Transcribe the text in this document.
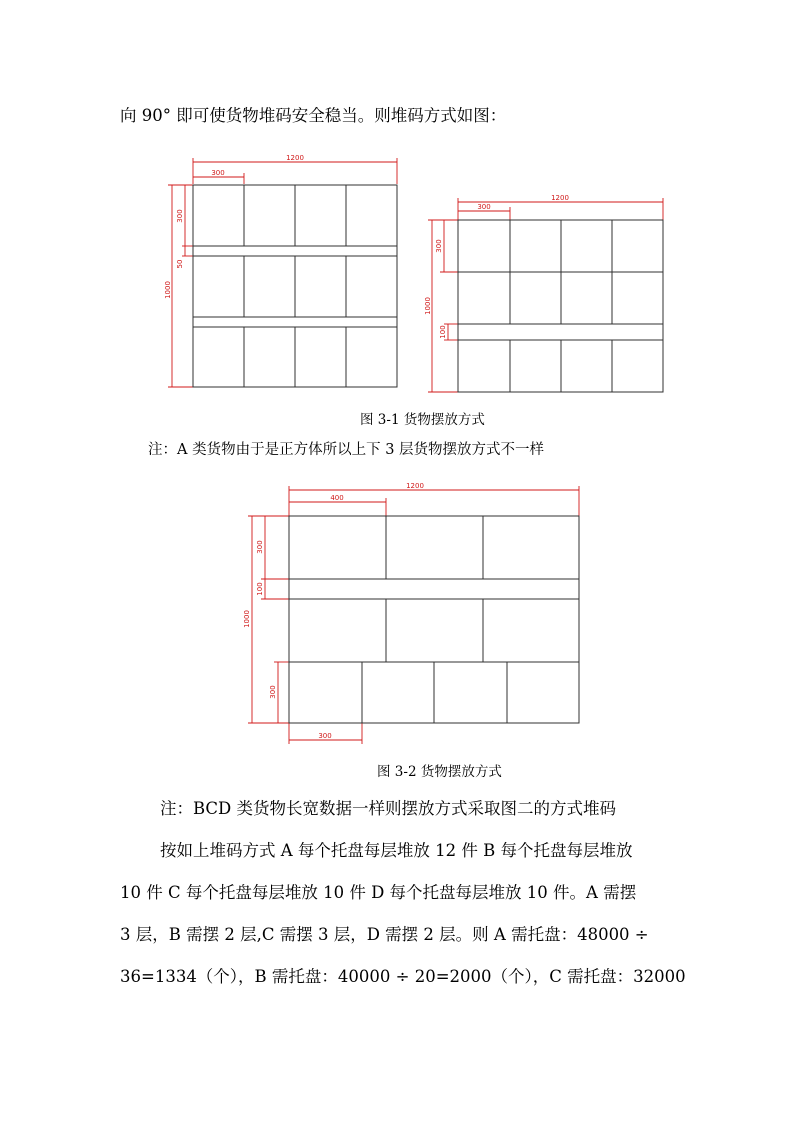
向 90° 即可使货物堆码安全稳当。则堆码方式如图：
1200
300
1000
300
50
1200
300
1000
300
100
图 3-1 货物摆放方式
注：A 类货物由于是正方体所以上下 3 层货物摆放方式不一样
1200
400
1000
300
100
300
300
图 3-2 货物摆放方式
注：BCD 类货物长宽数据一样则摆放方式采取图二的方式堆码
按如上堆码方式 A 每个托盘每层堆放 12 件 B 每个托盘每层堆放
10 件 C 每个托盘每层堆放 10 件 D 每个托盘每层堆放 10 件。A 需摆
3 层，B 需摆 2 层,C 需摆 3 层，D 需摆 2 层。则 A 需托盘：48000 ÷
36=1334（个），B 需托盘：40000 ÷ 20=2000（个），C 需托盘：32000
